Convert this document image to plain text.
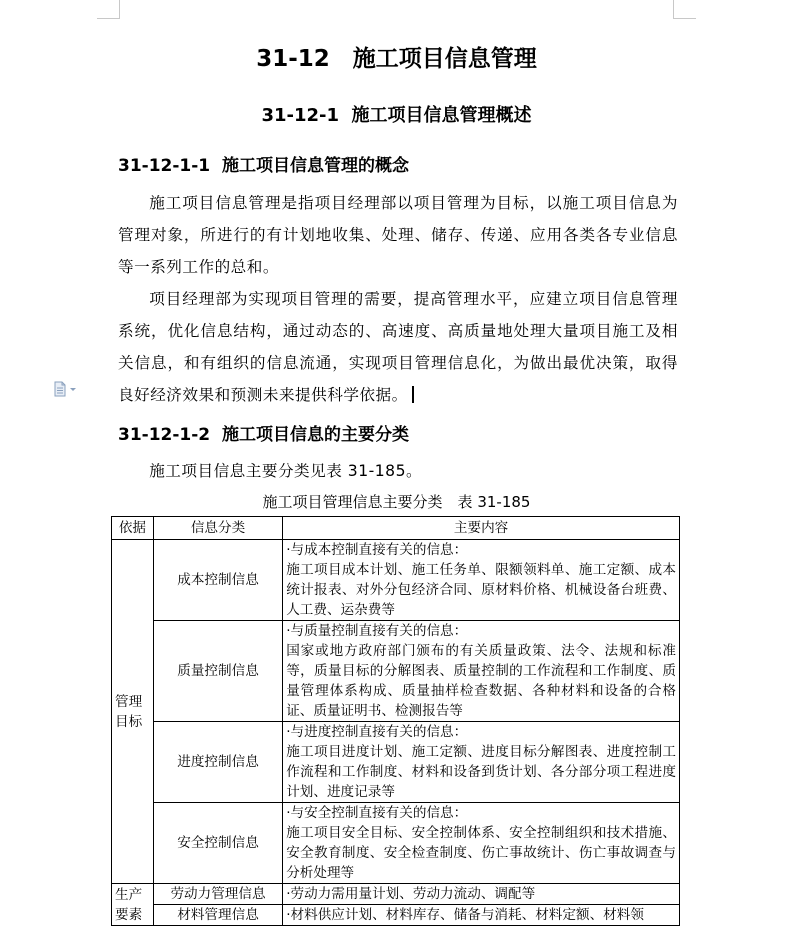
31-12　施工项目信息管理
31-12-1  施工项目信息管理概述
31-12-1-1  施工项目信息管理的概念

施工项目信息管理是指项目经理部以项目管理为目标，以施工项目信息为管理对象，所进行的有计划地收集、处理、储存、传递、应用各类各专业信息等一系列工作的总和。

项目经理部为实现项目管理的需要，提高管理水平，应建立项目信息管理系统，优化信息结构，通过动态的、高速度、高质量地处理大量项目施工及相关信息，和有组织的信息流通，实现项目管理信息化，为做出最优决策，取得良好经济效果和预测未来提供科学依据。

31-12-1-2  施工项目信息的主要分类

施工项目信息主要分类见表 31-185。

施工项目管理信息主要分类　表 31-185

依据	信息分类	主要内容
管理目标	成本控制信息	·与成本控制直接有关的信息：
施工项目成本计划、施工任务单、限额领料单、施工定额、成本统计报表、对外分包经济合同、原材料价格、机械设备台班费、人工费、运杂费等

	质量控制信息	·与质量控制直接有关的信息：
国家或地方政府部门颁布的有关质量政策、法令、法规和标准等，质量目标的分解图表、质量控制的工作流程和工作制度、质量管理体系构成、质量抽样检查数据、各种材料和设备的合格证、质量证明书、检测报告等

	进度控制信息	·与进度控制直接有关的信息：
施工项目进度计划、施工定额、进度目标分解图表、进度控制工作流程和工作制度、材料和设备到货计划、各分部分项工程进度计划、进度记录等

	安全控制信息	·与安全控制直接有关的信息：
施工项目安全目标、安全控制体系、安全控制组织和技术措施、安全教育制度、安全检查制度、伤亡事故统计、伤亡事故调查与分析处理等

生产要素	劳动力管理信息	·劳动力需用量计划、劳动力流动、调配等

	材料管理信息	·材料供应计划、材料库存、储备与消耗、材料定额、材料领
